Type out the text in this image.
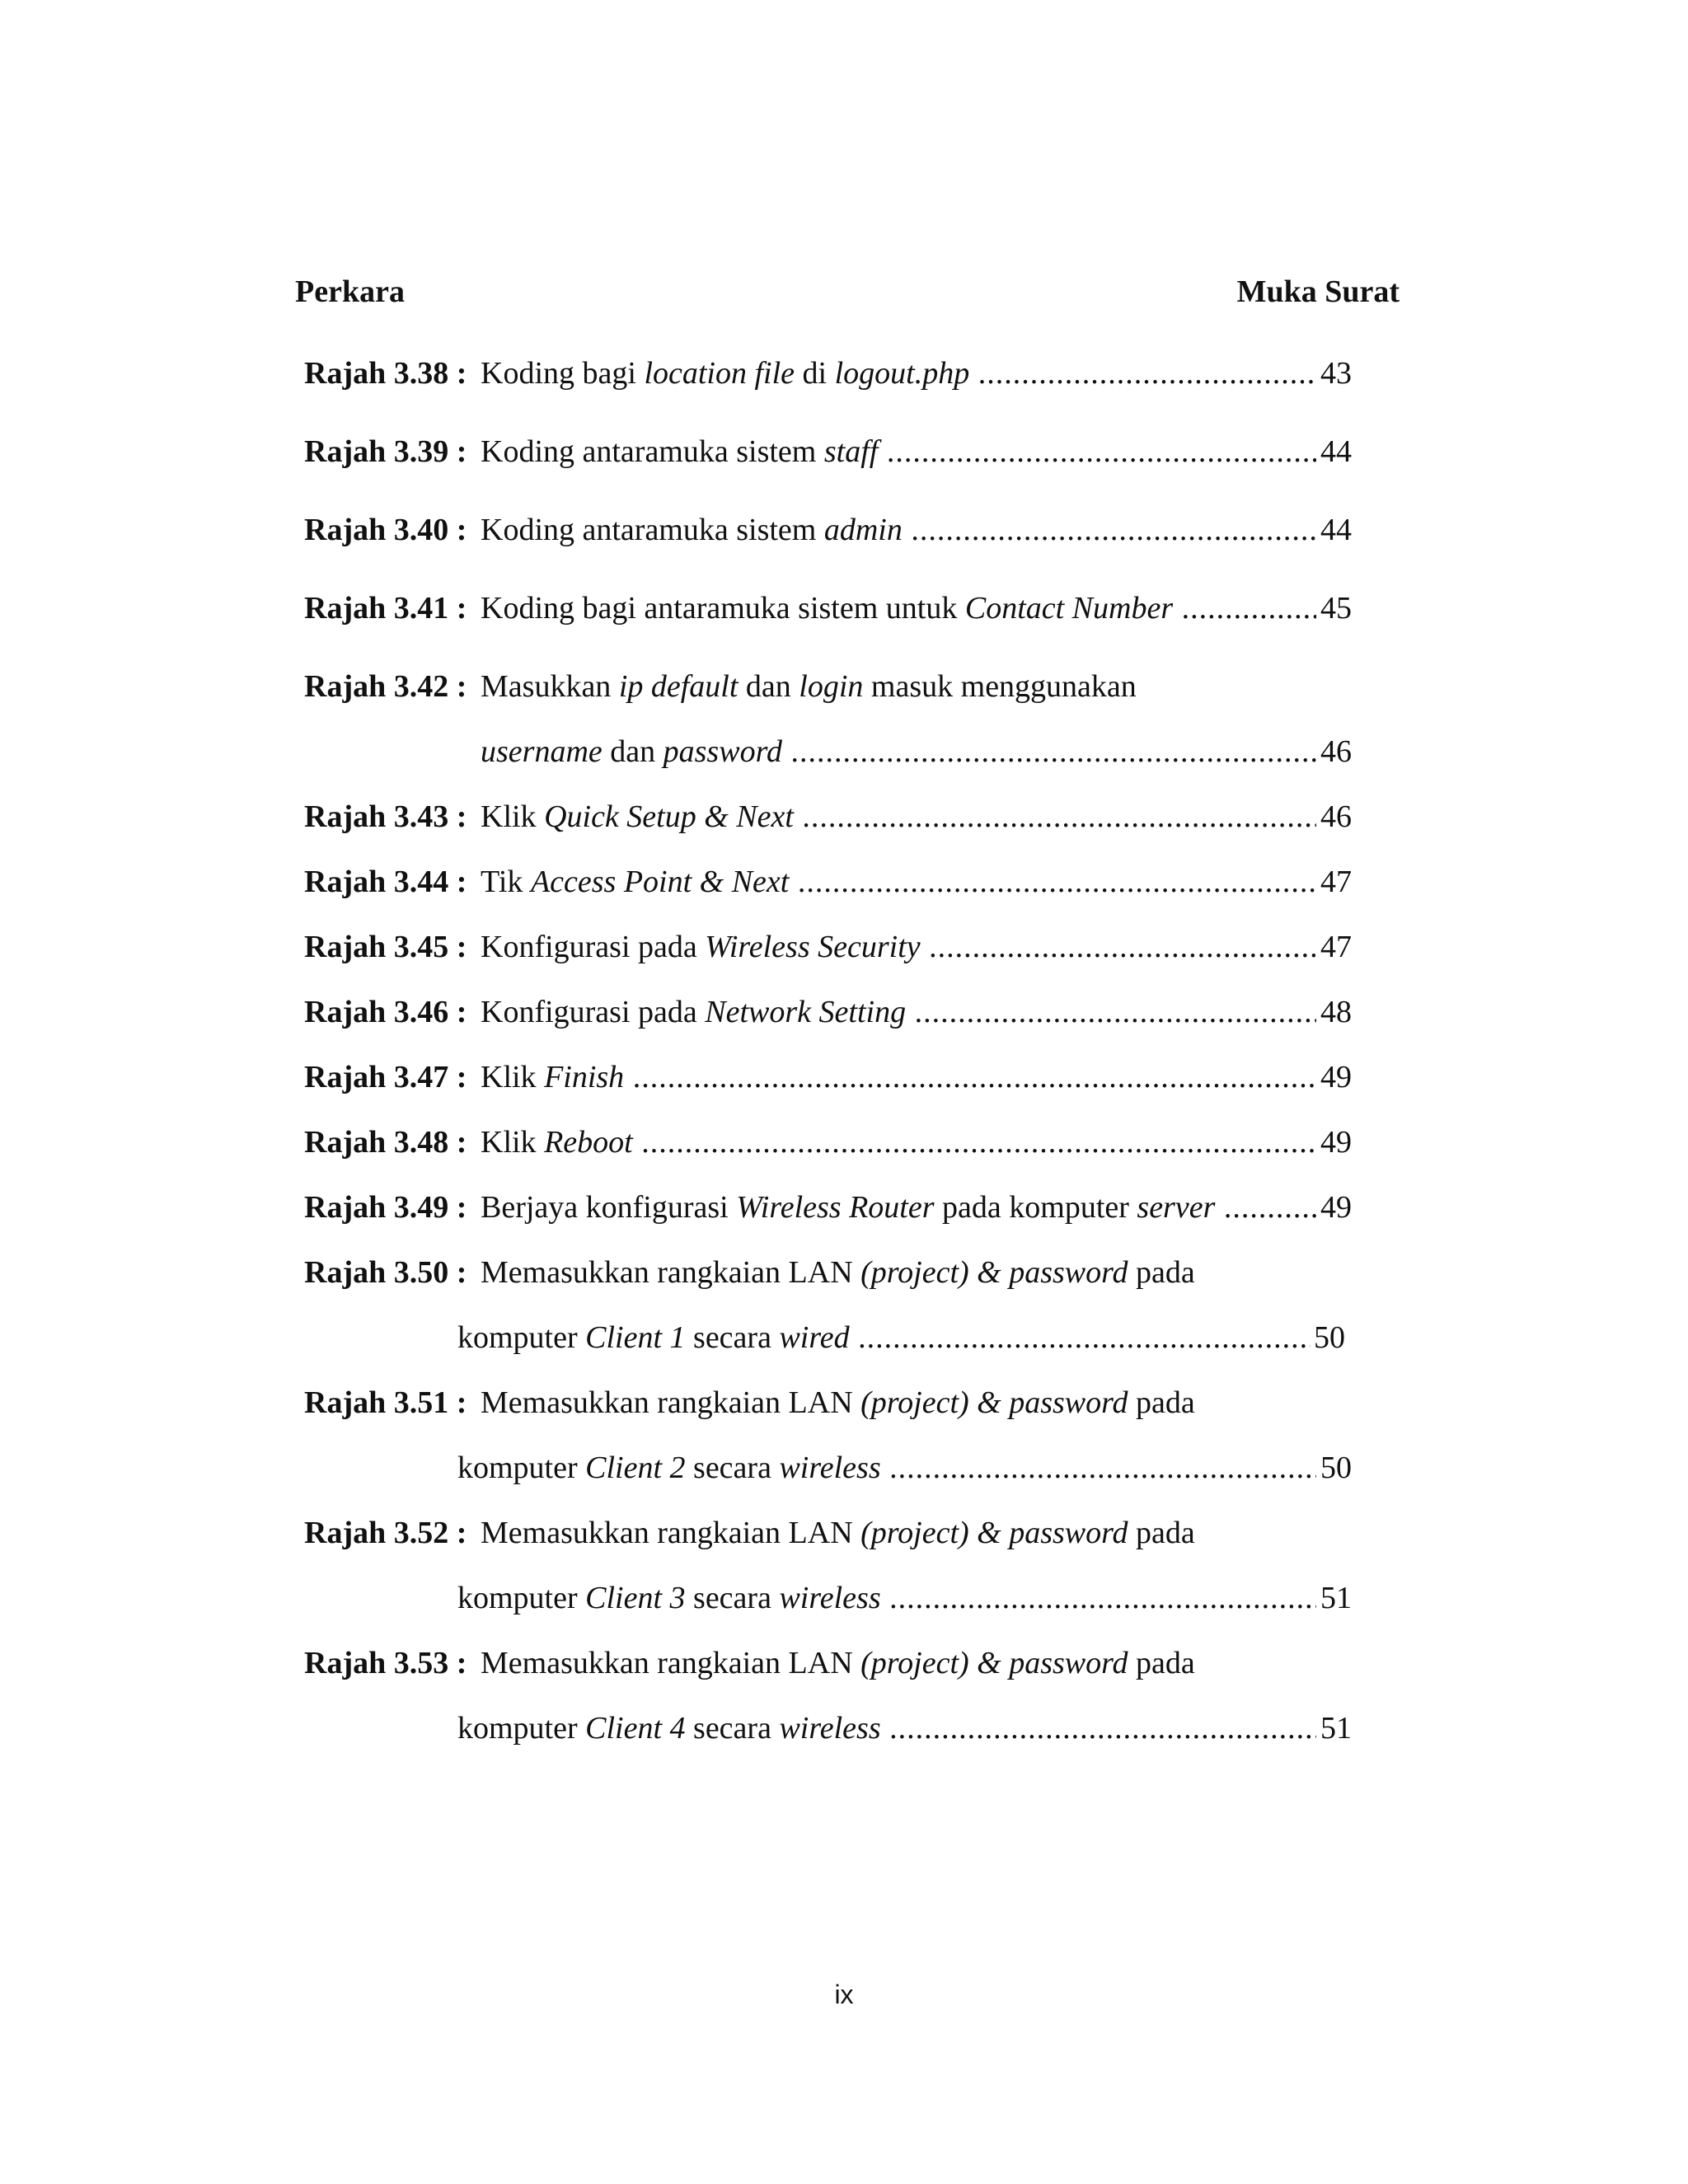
Perkara	Muka Surat
Rajah 3.38 : Koding bagi location file di logout.php .....	43
Rajah 3.39 : Koding antaramuka sistem staff .....	44
Rajah 3.40 : Koding antaramuka sistem admin .....	44
Rajah 3.41 : Koding bagi antaramuka sistem untuk Contact Number .....	45
Rajah 3.42 : Masukkan ip default dan login masuk menggunakan
username dan password .....	46
Rajah 3.43 : Klik Quick Setup & Next .....	46
Rajah 3.44 : Tik Access Point & Next .....	47
Rajah 3.45 : Konfigurasi pada Wireless Security .....	47
Rajah 3.46 : Konfigurasi pada Network Setting .....	48
Rajah 3.47 : Klik Finish .....	49
Rajah 3.48 : Klik Reboot .....	49
Rajah 3.49 : Berjaya konfigurasi Wireless Router pada komputer server .....	49
Rajah 3.50 : Memasukkan rangkaian LAN (project) & password pada
komputer Client 1 secara wired .....	50
Rajah 3.51 : Memasukkan rangkaian LAN (project) & password pada
komputer Client 2 secara wireless .....	50
Rajah 3.52 : Memasukkan rangkaian LAN (project) & password pada
komputer Client 3 secara wireless .....	51
Rajah 3.53 : Memasukkan rangkaian LAN (project) & password pada
komputer Client 4 secara wireless .....	51
ix
